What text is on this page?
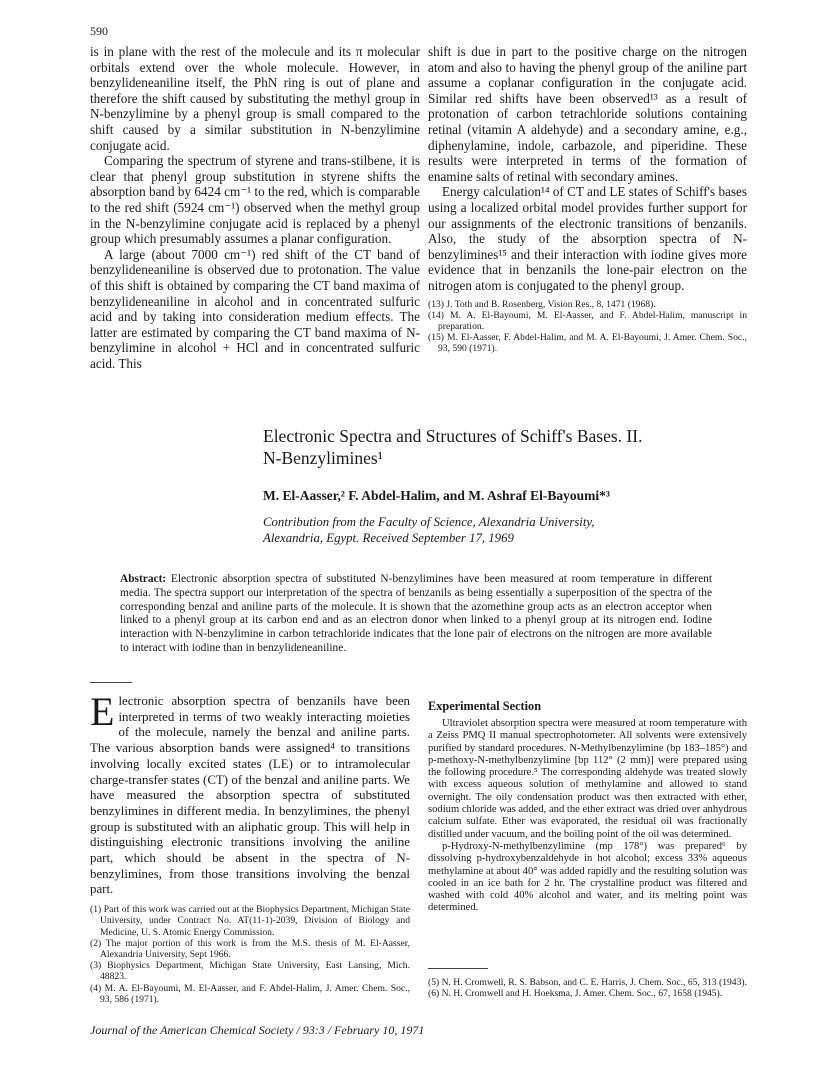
590

is in plane with the rest of the molecule and its π molecular orbitals extend over the whole molecule. However, in benzylideneaniline itself, the PhN ring is out of plane and therefore the shift caused by substituting the methyl group in N-benzylimine by a phenyl group is small compared to the shift caused by a similar substitution in N-benzylimine conjugate acid.

Comparing the spectrum of styrene and trans-stilbene, it is clear that phenyl group substitution in styrene shifts the absorption band by 6424 cm⁻¹ to the red, which is comparable to the red shift (5924 cm⁻¹) observed when the methyl group in the N-benzylimine conjugate acid is replaced by a phenyl group which presumably assumes a planar configuration.

A large (about 7000 cm⁻¹) red shift of the CT band of benzylideneaniline is observed due to protonation. The value of this shift is obtained by comparing the CT band maxima of benzylideneaniline in alcohol and in concentrated sulfuric acid and by taking into consideration medium effects. The latter are estimated by comparing the CT band maxima of N-benzylimine in alcohol + HCl and in concentrated sulfuric acid. This

shift is due in part to the positive charge on the nitrogen atom and also to having the phenyl group of the aniline part assume a coplanar configuration in the conjugate acid. Similar red shifts have been observed¹³ as a result of protonation of carbon tetrachloride solutions containing retinal (vitamin A aldehyde) and a secondary amine, e.g., diphenylamine, indole, carbazole, and piperidine. These results were interpreted in terms of the formation of enamine salts of retinal with secondary amines.

Energy calculation¹⁴ of CT and LE states of Schiff's bases using a localized orbital model provides further support for our assignments of the electronic transitions of benzanils. Also, the study of the absorption spectra of N-benzylimines¹⁵ and their interaction with iodine gives more evidence that in benzanils the lone-pair electron on the nitrogen atom is conjugated to the phenyl group.

(13) J. Toth and B. Rosenberg, Vision Res., 8, 1471 (1968).

(14) M. A. El-Bayoumi, M. El-Aasser, and F. Abdel-Halim, manuscript in preparation.

(15) M. El-Aasser, F. Abdel-Halim, and M. A. El-Bayoumi, J. Amer. Chem. Soc., 93, 590 (1971).

Electronic Spectra and Structures of Schiff's Bases. II.
N-Benzylimines¹
M. El-Aasser,² F. Abdel-Halim, and M. Ashraf El-Bayoumi*³
Contribution from the Faculty of Science, Alexandria University,
Alexandria, Egypt. Received September 17, 1969
Abstract: Electronic absorption spectra of substituted N-benzylimines have been measured at room temperature in different media. The spectra support our interpretation of the spectra of benzanils as being essentially a superposition of the spectra of the corresponding benzal and aniline parts of the molecule. It is shown that the azomethine group acts as an electron acceptor when linked to a phenyl group at its carbon end and as an electron donor when linked to a phenyl group at its nitrogen end. Iodine interaction with N-benzylimine in carbon tetrachloride indicates that the lone pair of electrons on the nitrogen are more available to interact with iodine than in benzylideneaniline.
Electronic absorption spectra of benzanils have been interpreted in terms of two weakly interacting moieties of the molecule, namely the benzal and aniline parts. The various absorption bands were assigned⁴ to transitions involving locally excited states (LE) or to intramolecular charge-transfer states (CT) of the benzal and aniline parts. We have measured the absorption spectra of substituted benzylimines in different media. In benzylimines, the phenyl group is substituted with an aliphatic group. This will help in distinguishing electronic transitions involving the aniline part, which should be absent in the spectra of N-benzylimines, from those transitions involving the benzal part.

(1) Part of this work was carried out at the Biophysics Department, Michigan State University, under Contract No. AT(11-1)-2039, Division of Biology and Medicine, U. S. Atomic Energy Commission.

(2) The major portion of this work is from the M.S. thesis of M. El-Aasser, Alexandria University, Sept 1966.

(3) Biophysics Department, Michigan State University, East Lansing, Mich. 48823.

(4) M. A. El-Bayoumi, M. El-Aasser, and F. Abdel-Halim, J. Amer. Chem. Soc., 93, 586 (1971).

Experimental Section

Ultraviolet absorption spectra were measured at room temperature with a Zeiss PMQ II manual spectrophotometer. All solvents were extensively purified by standard procedures. N-Methylbenzylimine (bp 183–185°) and p-methoxy-N-methylbenzylimine [bp 112° (2 mm)] were prepared using the following procedure.⁵ The corresponding aldehyde was treated slowly with excess aqueous solution of methylamine and allowed to stand overnight. The oily condensation product was then extracted with ether, sodium chloride was added, and the ether extract was dried over anhydrous calcium sulfate. Ether was evaporated, the residual oil was fractionally distilled under vacuum, and the boiling point of the oil was determined.

p-Hydroxy-N-methylbenzylimine (mp 178°) was prepared⁶ by dissolving p-hydroxybenzaldehyde in hot alcohol; excess 33% aqueous methylamine at about 40° was added rapidly and the resulting solution was cooled in an ice bath for 2 hr. The crystalline product was filtered and washed with cold 40% alcohol and water, and its melting point was determined.

(5) N. H. Cromwell, R. S. Babson, and C. E. Harris, J. Chem. Soc., 65, 313 (1943).

(6) N. H. Cromwell and H. Hoeksma, J. Amer. Chem. Soc., 67, 1658 (1945).

Journal of the American Chemical Society / 93:3 / February 10, 1971
